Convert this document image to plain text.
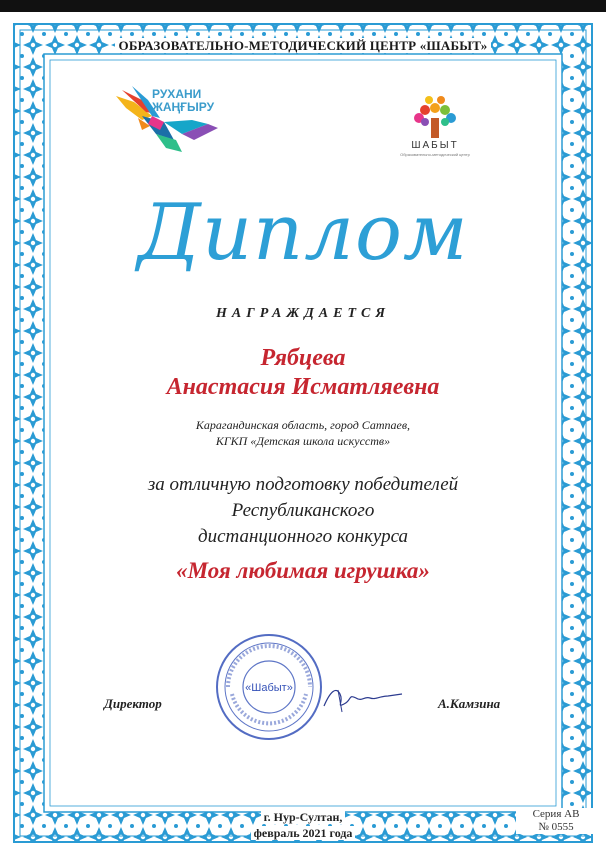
ОБРАЗОВАТЕЛЬНО-МЕТОДИЧЕСКИЙ ЦЕНТР «ШАБЫТ»
РУХАНИ
ЖАҢҒЫРУ
ШАБЫТ
Образовательно-методический центр
Диплом
НАГРАЖДАЕТСЯ
Рябцева
Анастасия Исматляевна
Карагандинская область, город Сатпаев,
КГКП «Детская школа искусств»
за отличную подготовку победителей
Республиканского
дистанционного конкурса
«Моя любимая игрушка»
«Шабыт»
Директор	А.Камзина
г. Нур-Султан,
февраль 2021 года
Серия АВ
№ 0555
